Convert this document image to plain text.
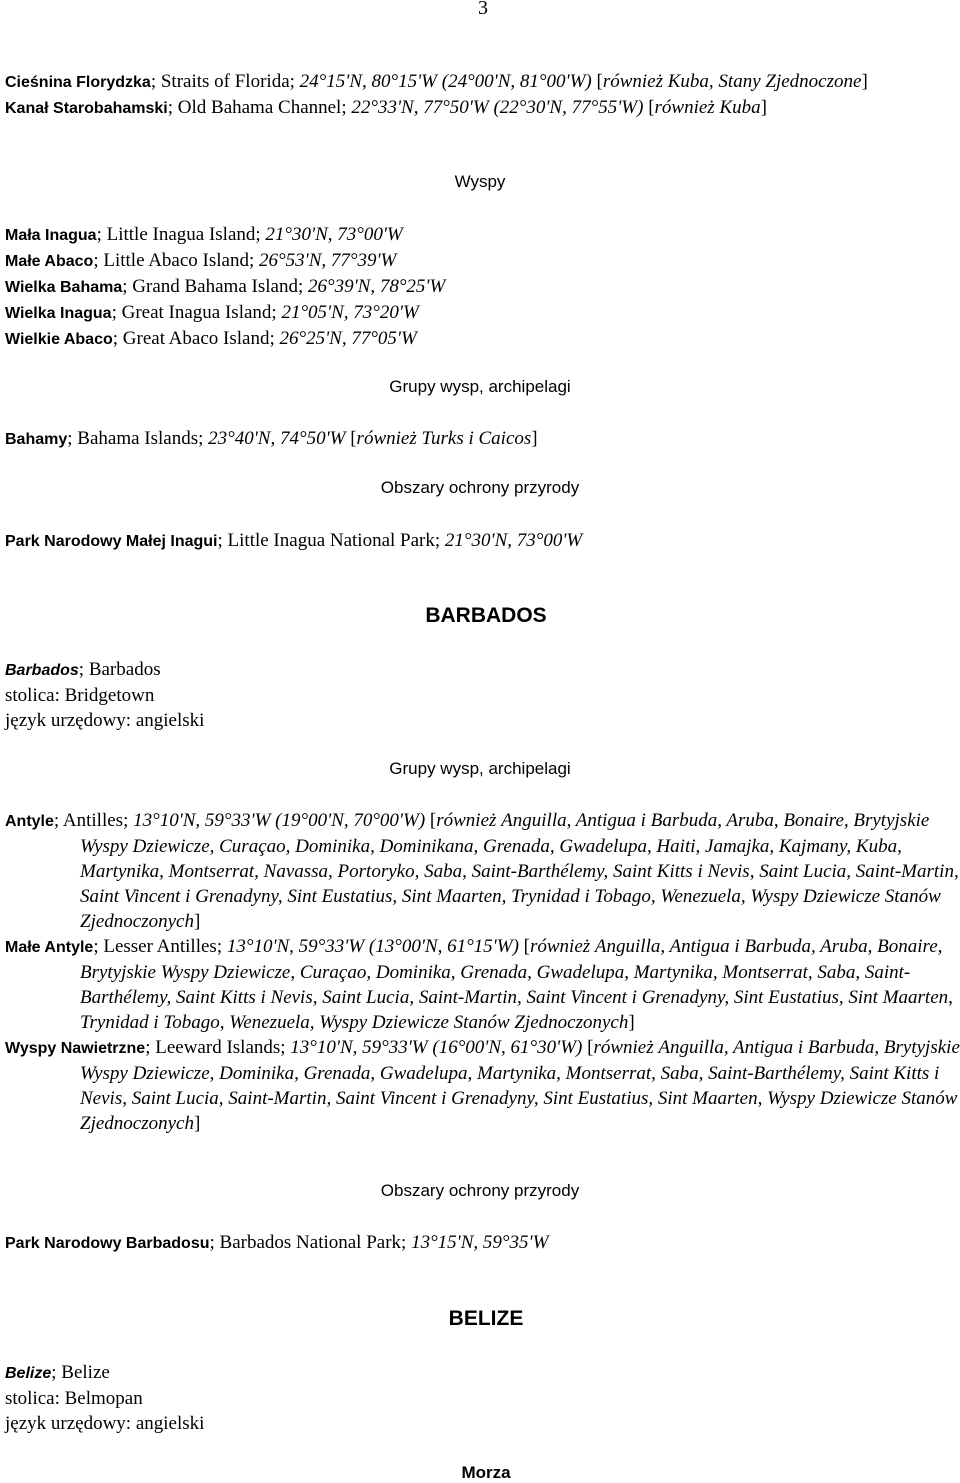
3

Cieśnina Florydzka; Straits of Florida; 24°15'N, 80°15'W (24°00'N, 81°00'W) [również Kuba, Stany Zjednoczone]

Kanał Starobahamski; Old Bahama Channel; 22°33'N, 77°50'W (22°30'N, 77°55'W) [również Kuba]

Wyspy

Mała Inagua; Little Inagua Island; 21°30'N, 73°00'W

Małe Abaco; Little Abaco Island; 26°53'N, 77°39'W

Wielka Bahama; Grand Bahama Island; 26°39'N, 78°25'W

Wielka Inagua; Great Inagua Island; 21°05'N, 73°20'W

Wielkie Abaco; Great Abaco Island; 26°25'N, 77°05'W

Grupy wysp, archipelagi

Bahamy; Bahama Islands; 23°40'N, 74°50'W [również Turks i Caicos]

Obszary ochrony przyrody

Park Narodowy Małej Inagui; Little Inagua National Park; 21°30'N, 73°00'W

BARBADOS
Barbados; Barbados
stolica: Bridgetown
język urzędowy: angielski
Grupy wysp, archipelagi

Antyle; Antilles; 13°10'N, 59°33'W (19°00'N, 70°00'W) [również Anguilla, Antigua i Barbuda, Aruba, Bonaire, Brytyjskie Wyspy Dziewicze, Curaçao, Dominika, Dominikana, Grenada, Gwadelupa, Haiti, Jamajka, Kajmany, Kuba, Martynika, Montserrat, Navassa, Portoryko, Saba, Saint-Barthélemy, Saint Kitts i Nevis, Saint Lucia, Saint-Martin, Saint Vincent i Grenadyny, Sint Eustatius, Sint Maarten, Trynidad i Tobago, Wenezuela, Wyspy Dziewicze Stanów Zjednoczonych]

Małe Antyle; Lesser Antilles; 13°10'N, 59°33'W (13°00'N, 61°15'W) [również Anguilla, Antigua i Barbuda, Aruba, Bonaire, Brytyjskie Wyspy Dziewicze, Curaçao, Dominika, Grenada, Gwadelupa, Martynika, Montserrat, Saba, Saint-Barthélemy, Saint Kitts i Nevis, Saint Lucia, Saint-Martin, Saint Vincent i Grenadyny, Sint Eustatius, Sint Maarten, Trynidad i Tobago, Wenezuela, Wyspy Dziewicze Stanów Zjednoczonych]

Wyspy Nawietrzne; Leeward Islands; 13°10'N, 59°33'W (16°00'N, 61°30'W) [również Anguilla, Antigua i Barbuda, Brytyjskie Wyspy Dziewicze, Dominika, Grenada, Gwadelupa, Martynika, Montserrat, Saba, Saint-Barthélemy, Saint Kitts i Nevis, Saint Lucia, Saint-Martin, Saint Vincent i Grenadyny, Sint Eustatius, Sint Maarten, Wyspy Dziewicze Stanów Zjednoczonych]

Obszary ochrony przyrody

Park Narodowy Barbadosu; Barbados National Park; 13°15'N, 59°35'W

BELIZE
Belize; Belize
stolica: Belmopan
język urzędowy: angielski
Morza
